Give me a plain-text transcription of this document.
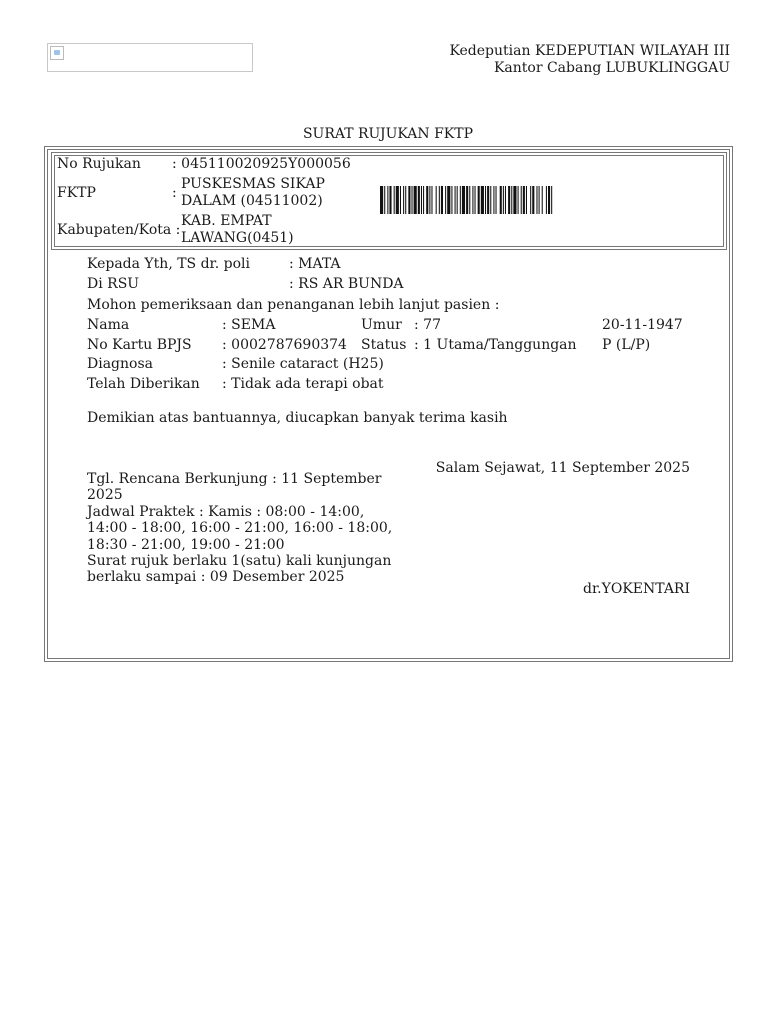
Kedeputian KEDEPUTIAN WILAYAH III
Kantor Cabang LUBUKLINGGAU
SURAT RUJUKAN FKTP
No Rujukan : 045110020925Y000056
FKTP	:
PUSKESMAS SIKAP
DALAM (04511002)
Kabupaten/Kota :
KAB. EMPAT
LAWANG(0451)
Kepada Yth, TS dr. poli	: MATA
Di RSU	: RS AR BUNDA
Mohon pemeriksaan dan penanganan lebih lanjut pasien :
Nama	: SEMA	Umur : 77	20-11-1947
No Kartu BPJS : 0002787690374 Status : 1 Utama/Tanggungan P (L/P)
Diagnosa	: Senile cataract (H25)
Telah Diberikan : Tidak ada terapi obat
Demikian atas bantuannya, diucapkan banyak terima kasih
Salam Sejawat, 11 September 2025
Tgl. Rencana Berkunjung : 11 September
2025
Jadwal Praktek : Kamis : 08:00 - 14:00,
14:00 - 18:00, 16:00 - 21:00, 16:00 - 18:00,
18:30 - 21:00, 19:00 - 21:00
Surat rujuk berlaku 1(satu) kali kunjungan
berlaku sampai : 09 Desember 2025
dr.YOKENTARI
